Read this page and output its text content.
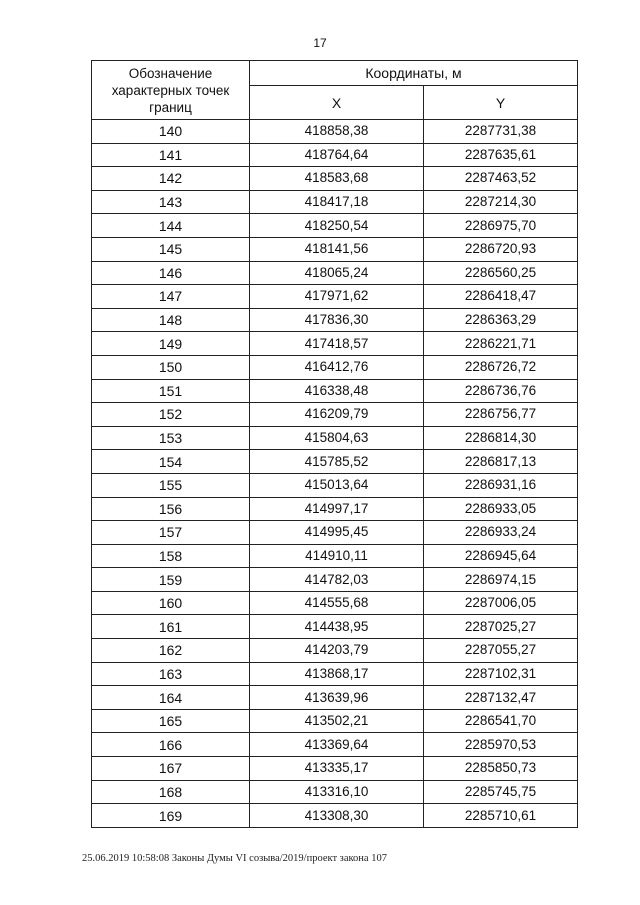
17
Обозначение характерных точек границ	Координаты, м	
	X	Y
140	418858,38	2287731,38
141	418764,64	2287635,61
142	418583,68	2287463,52
143	418417,18	2287214,30
144	418250,54	2286975,70
145	418141,56	2286720,93
146	418065,24	2286560,25
147	417971,62	2286418,47
148	417836,30	2286363,29
149	417418,57	2286221,71
150	416412,76	2286726,72
151	416338,48	2286736,76
152	416209,79	2286756,77
153	415804,63	2286814,30
154	415785,52	2286817,13
155	415013,64	2286931,16
156	414997,17	2286933,05
157	414995,45	2286933,24
158	414910,11	2286945,64
159	414782,03	2286974,15
160	414555,68	2287006,05
161	414438,95	2287025,27
162	414203,79	2287055,27
163	413868,17	2287102,31
164	413639,96	2287132,47
165	413502,21	2286541,70
166	413369,64	2285970,53
167	413335,17	2285850,73
168	413316,10	2285745,75
169	413308,30	2285710,61
25.06.2019 10:58:08 Законы Думы VI созыва/2019/проект закона 107
